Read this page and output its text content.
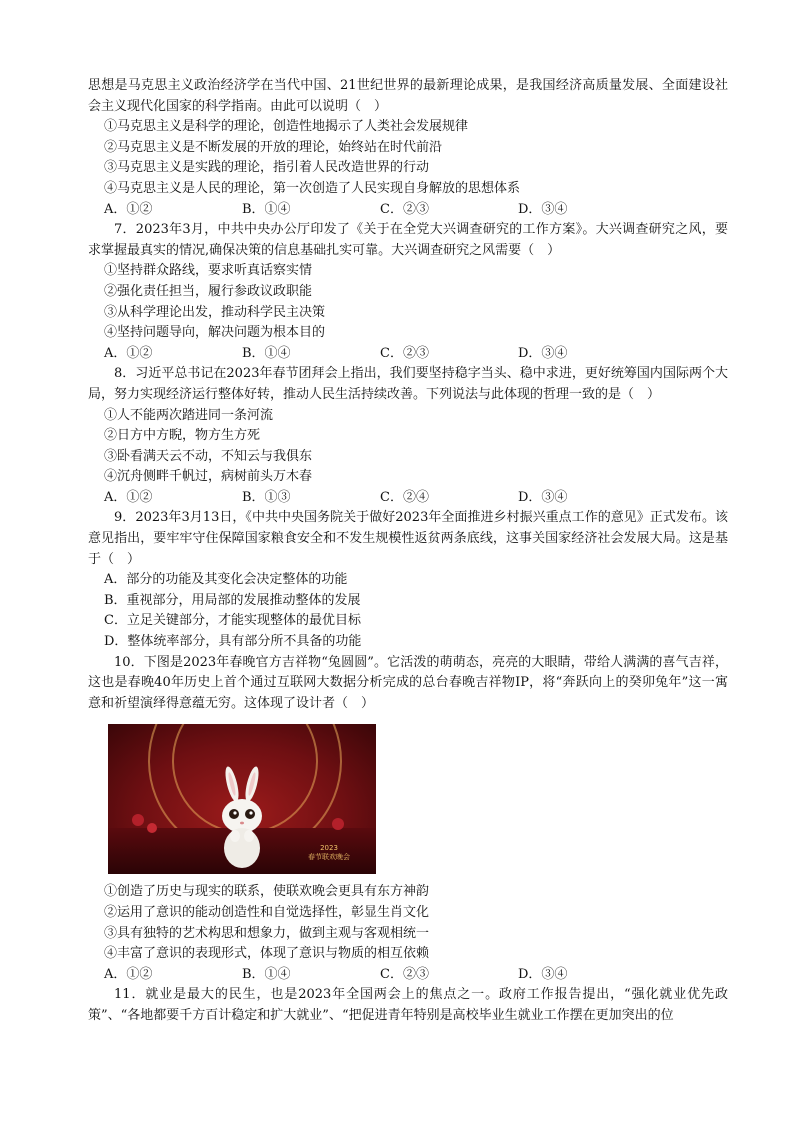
思想是马克思主义政治经济学在当代中国、21世纪世界的最新理论成果，是我国经济高质量发展、全面建设社会主义现代化国家的科学指南。由此可以说明（　）

①马克思主义是科学的理论，创造性地揭示了人类社会发展规律

②马克思主义是不断发展的开放的理论，始终站在时代前沿

③马克思主义是实践的理论，指引着人民改造世界的行动

④马克思主义是人民的理论，第一次创造了人民实现自身解放的思想体系

A．①②	B．①④	C．②③	D．③④

7．2023年3月，中共中央办公厅印发了《关于在全党大兴调查研究的工作方案》。大兴调查研究之风，要求掌握最真实的情况,确保决策的信息基础扎实可靠。大兴调查研究之风需要（　）

①坚持群众路线，要求听真话察实情

②强化责任担当，履行参政议政职能

③从科学理论出发，推动科学民主决策

④坚持问题导向，解决问题为根本目的

A．①②	B．①④	C．②③	D．③④

8．习近平总书记在2023年春节团拜会上指出，我们要坚持稳字当头、稳中求进，更好统筹国内国际两个大局，努力实现经济运行整体好转，推动人民生活持续改善。下列说法与此体现的哲理一致的是（　）

①人不能两次踏进同一条河流

②日方中方睨，物方生方死

③卧看满天云不动，不知云与我俱东

④沉舟侧畔千帆过，病树前头万木春

A．①②	B．①③	C．②④	D．③④

9．2023年3月13日，《中共中央国务院关于做好2023年全面推进乡村振兴重点工作的意见》正式发布。该意见指出，要牢牢守住保障国家粮食安全和不发生规模性返贫两条底线，这事关国家经济社会发展大局。这是基于（　）

A．部分的功能及其变化会决定整体的功能

B．重视部分，用局部的发展推动整体的发展

C．立足关键部分，才能实现整体的最优目标

D．整体统率部分，具有部分所不具备的功能

10．下图是2023年春晚官方吉祥物“兔圆圆”。它活泼的萌萌态，亮亮的大眼睛，带给人满满的喜气吉祥，这也是春晚40年历史上首个通过互联网大数据分析完成的总台春晚吉祥物IP，将“奔跃向上的癸卯兔年”这一寓意和祈望演绎得意蕴无穷。这体现了设计者（　）

2023
春节联欢晚会

①创造了历史与现实的联系，使联欢晚会更具有东方神韵

②运用了意识的能动创造性和自觉选择性，彰显生肖文化

③具有独特的艺术构思和想象力，做到主观与客观相统一

④丰富了意识的表现形式，体现了意识与物质的相互依赖

A．①②	B．①④	C．②③	D．③④

11．就业是最大的民生，也是2023年全国两会上的焦点之一。政府工作报告提出，“强化就业优先政策”、“各地都要千方百计稳定和扩大就业”、“把促进青年特别是高校毕业生就业工作摆在更加突出的位
